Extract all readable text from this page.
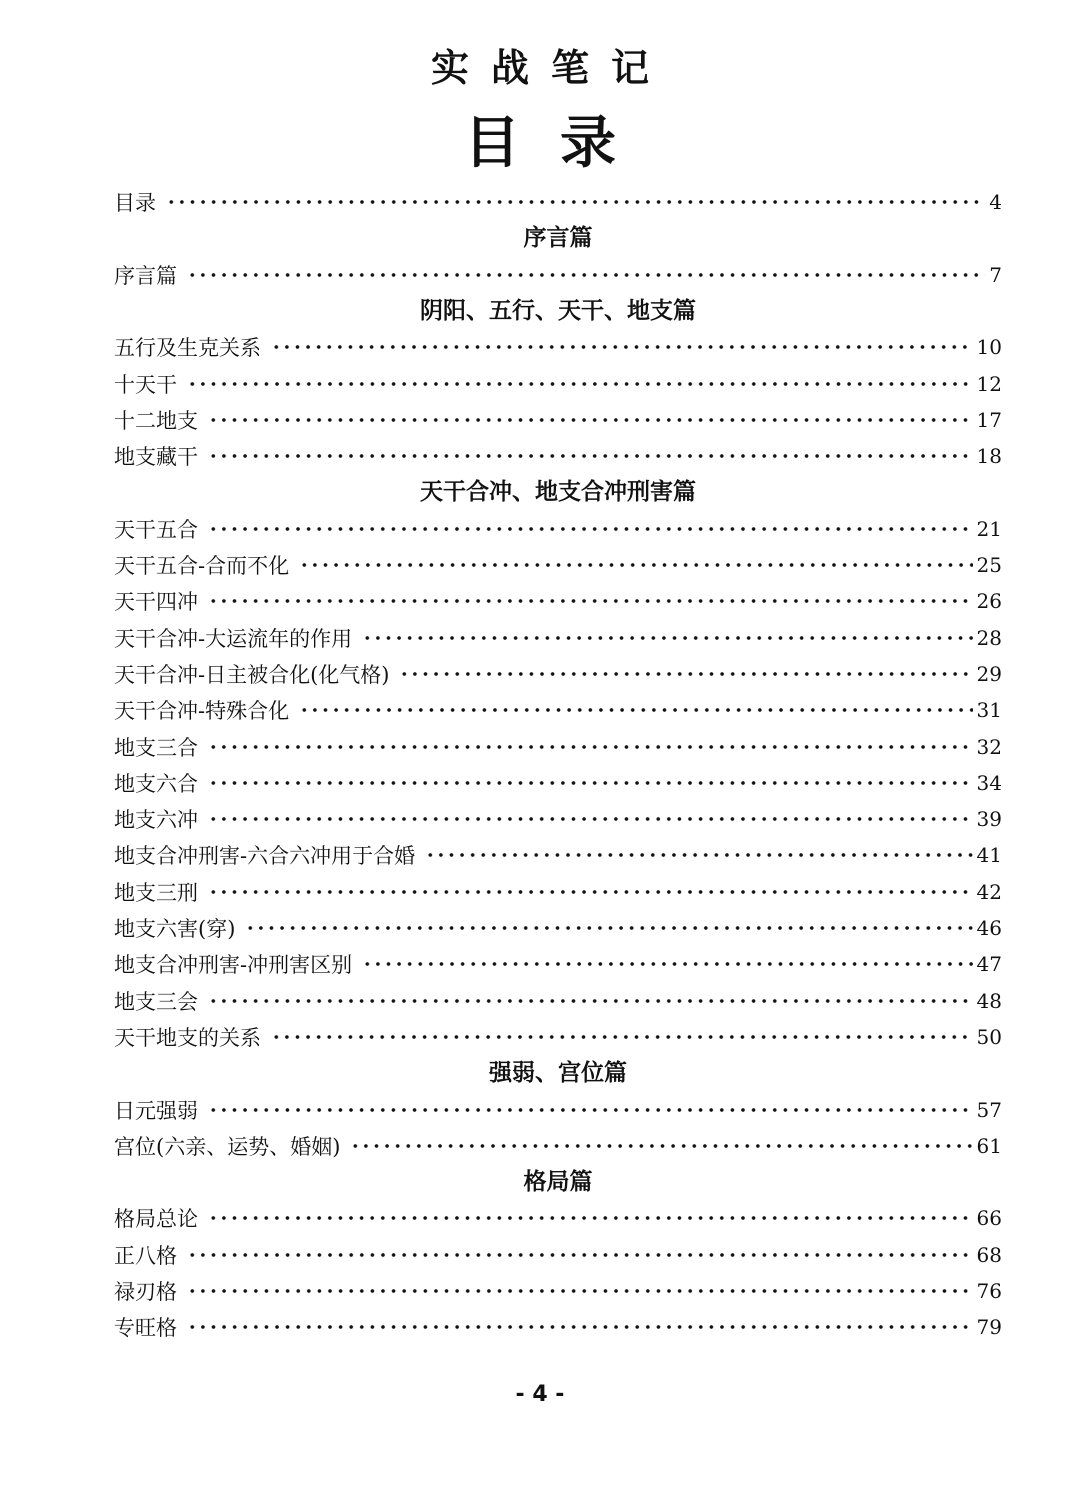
实战笔记
目录
目录	4
序言篇
序言篇	7
阴阳、五行、天干、地支篇
五行及生克关系	10
十天干	12
十二地支	17
地支藏干	18
天干合冲、地支合冲刑害篇
天干五合	21
天干五合-合而不化	25
天干四冲	26
天干合冲-大运流年的作用	28
天干合冲-日主被合化(化气格)	29
天干合冲-特殊合化	31
地支三合	32
地支六合	34
地支六冲	39
地支合冲刑害-六合六冲用于合婚	41
地支三刑	42
地支六害(穿)	46
地支合冲刑害-冲刑害区别	47
地支三会	48
天干地支的关系	50
强弱、宫位篇
日元强弱	57
宫位(六亲、运势、婚姻)	61
格局篇
格局总论	66
正八格	68
禄刃格	76
专旺格	79
- 4 -
